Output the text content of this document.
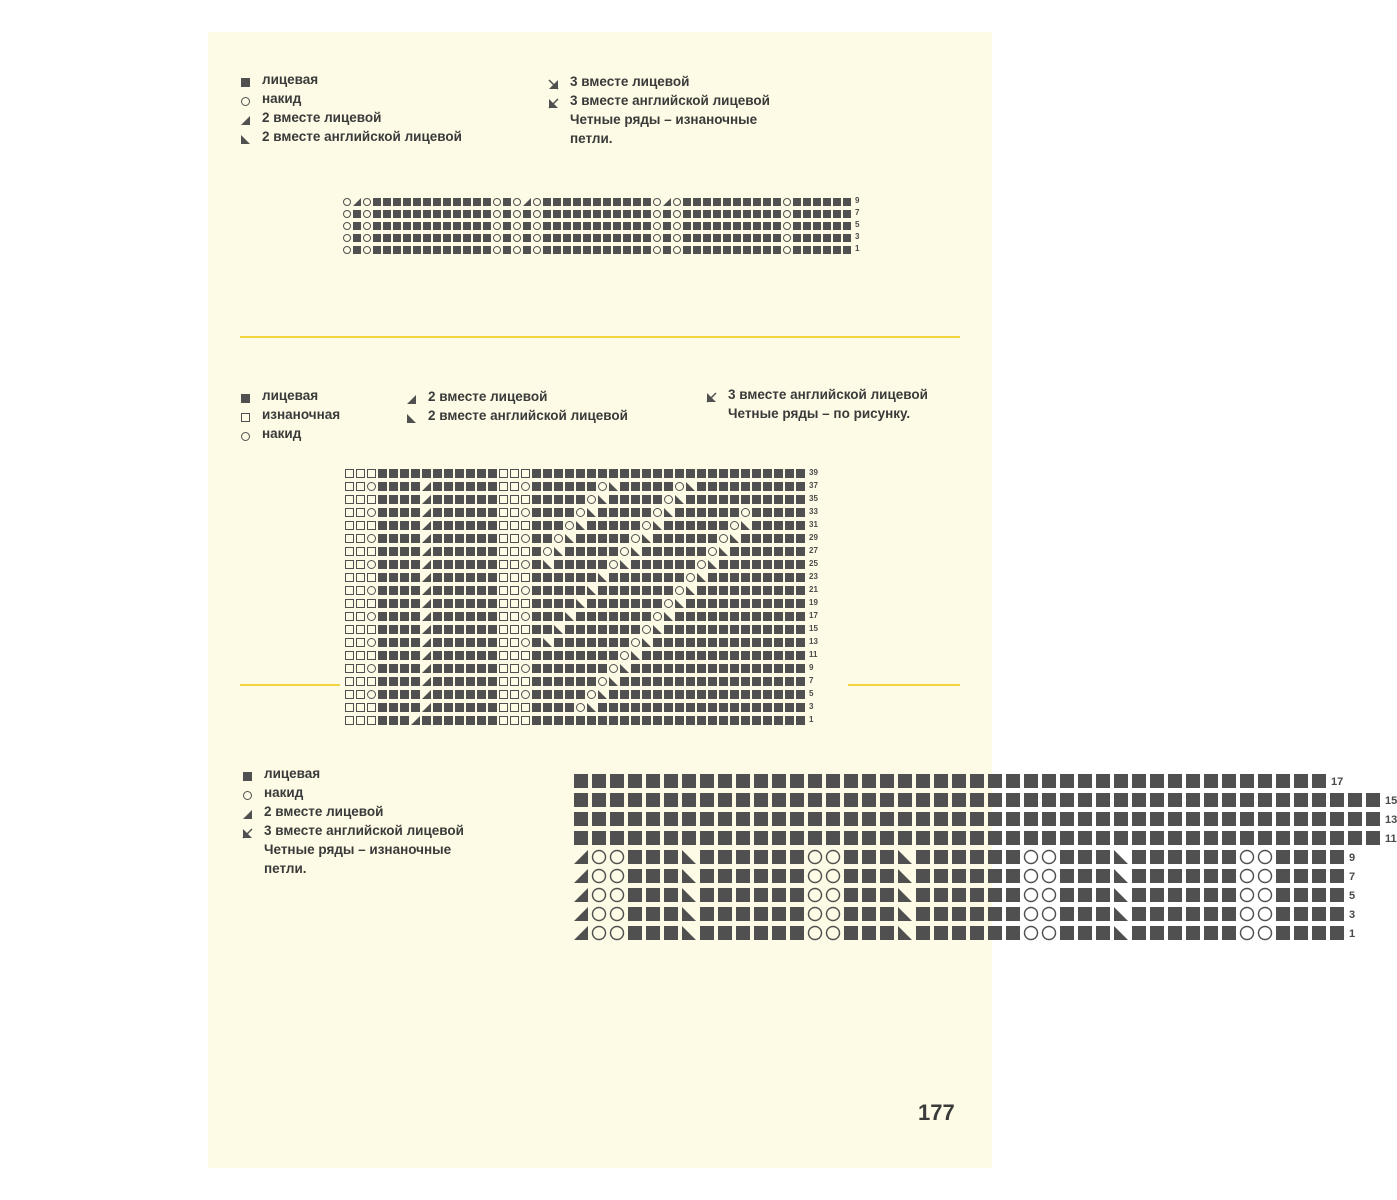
лицевая
накид
2 вместе лицевой
2 вместе английской лицевой
3 вместе лицевой
3 вместе английской лицевой
Четные ряды – изнаночные
петли.
9
7
5
3
1
лицевая
изнаночная
накид
2 вместе лицевой
2 вместе английской лицевой
3 вместе английской лицевой
Четные ряды – по рисунку.
39
37
35
33
31
29
27
25
23
21
19
17
15
13
11
9
7
5
3
1
лицевая
накид
2 вместе лицевой
3 вместе английской лицевой
Четные ряды – изнаночные
петли.
17
15
13
11
9
7
5
3
1
177
